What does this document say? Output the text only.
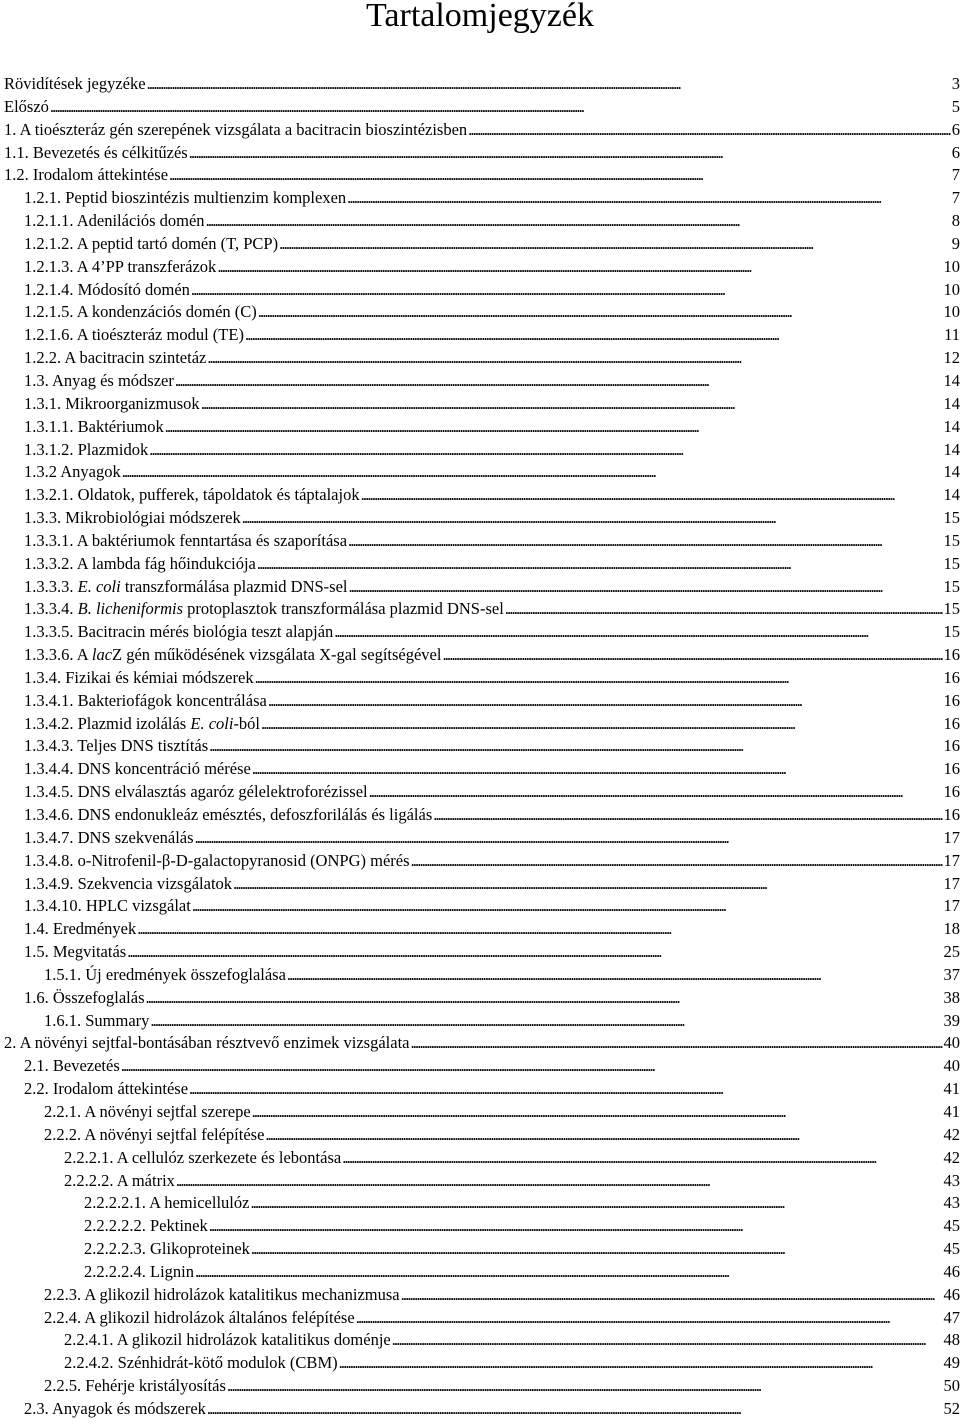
Tartalomjegyzék
Rövidítések jegyzéke . . .	3
Előszó . . .	5
1. A tioészteráz gén szerepének vizsgálata a bacitracin bioszintézisben . . .	6
1.1. Bevezetés és célkitűzés . . .	6
1.2. Irodalom áttekintése . . .	7
1.2.1. Peptid bioszintézis multienzim komplexen . . .	7
1.2.1.1. Adenilációs domén . . .	8
1.2.1.2. A peptid tartó domén (T, PCP) . . .	9
1.2.1.3. A 4’PP transzferázok . . .	10
1.2.1.4. Módosító domén . . .	10
1.2.1.5. A kondenzációs domén (C) . . .	10
1.2.1.6. A tioészteráz modul (TE) . . .	11
1.2.2. A bacitracin szintetáz . . .	12
1.3. Anyag és módszer . . .	14
1.3.1. Mikroorganizmusok . . .	14
1.3.1.1. Baktériumok . . .	14
1.3.1.2. Plazmidok . . .	14
1.3.2 Anyagok . . .	14
1.3.2.1. Oldatok, pufferek, tápoldatok és táptalajok . . .	14
1.3.3. Mikrobiológiai módszerek . . .	15
1.3.3.1. A baktériumok fenntartása és szaporítása . . .	15
1.3.3.2. A lambda fág hőindukciója . . .	15
1.3.3.3. E. coli transzformálása plazmid DNS-sel . . .	15
1.3.3.4. B. licheniformis protoplasztok transzformálása plazmid DNS-sel . . .	15
1.3.3.5. Bacitracin mérés biológia teszt alapján . . .	15
1.3.3.6. A lacZ gén működésének vizsgálata X-gal segítségével . . .	16
1.3.4. Fizikai és kémiai módszerek . . .	16
1.3.4.1. Bakteriofágok koncentrálása . . .	16
1.3.4.2. Plazmid izolálás E. coli-ból . . .	16
1.3.4.3. Teljes DNS tisztítás . . .	16
1.3.4.4. DNS koncentráció mérése . . .	16
1.3.4.5. DNS elválasztás agaróz gélelektroforézissel . . .	16
1.3.4.6. DNS endonukleáz emésztés, defoszforilálás és ligálás . . .	16
1.3.4.7. DNS szekvenálás . . .	17
1.3.4.8. o-Nitrofenil-β-D-galactopyranosid (ONPG) mérés . . .	17
1.3.4.9. Szekvencia vizsgálatok . . .	17
1.3.4.10. HPLC vizsgálat . . .	17
1.4. Eredmények . . .	18
1.5. Megvitatás . . .	25
1.5.1. Új eredmények összefoglalása . . .	37
1.6. Összefoglalás . . .	38
1.6.1. Summary . . .	39
2. A növényi sejtfal-bontásában résztvevő enzimek vizsgálata . . .	40
2.1. Bevezetés . . .	40
2.2. Irodalom áttekintése . . .	41
2.2.1. A növényi sejtfal szerepe . . .	41
2.2.2. A növényi sejtfal felépítése . . .	42
2.2.2.1. A cellulóz szerkezete és lebontása . . .	42
2.2.2.2. A mátrix . . .	43
2.2.2.2.1. A hemicellulóz . . .	43
2.2.2.2.2. Pektinek . . .	45
2.2.2.2.3. Glikoproteinek . . .	45
2.2.2.2.4. Lignin . . .	46
2.2.3. A glikozil hidrolázok katalitikus mechanizmusa . . .	46
2.2.4. A glikozil hidrolázok általános felépítése . . .	47
2.2.4.1. A glikozil hidrolázok katalitikus doménje . . .	48
2.2.4.2. Szénhidrát-kötő modulok (CBM) . . .	49
2.2.5. Fehérje kristályosítás . . .	50
2.3. Anyagok és módszerek . . .	52
